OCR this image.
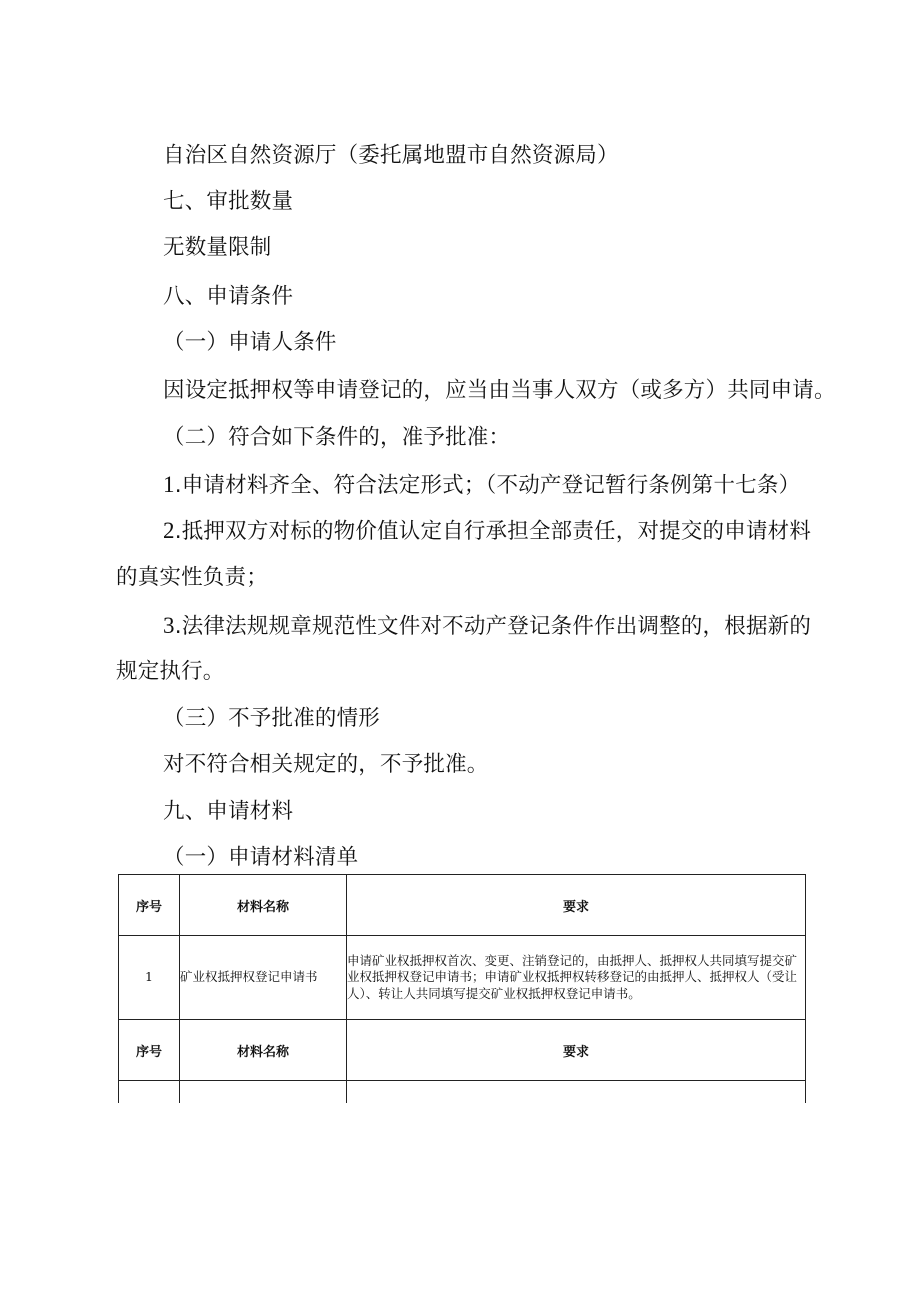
自治区自然资源厅（委托属地盟市自然资源局）
七、审批数量
无数量限制
八、申请条件
（一）申请人条件
因设定抵押权等申请登记的，应当由当事人双方（或多方）共同申请。
（二）符合如下条件的，准予批准：
1.申请材料齐全、符合法定形式；（不动产登记暂行条例第十七条）
2.抵押双方对标的物价值认定自行承担全部责任，对提交的申请材料
的真实性负责；
3.法律法规规章规范性文件对不动产登记条件作出调整的，根据新的
规定执行。
（三）不予批准的情形
对不符合相关规定的，不予批准。
九、申请材料
（一）申请材料清单
序号	材料名称	要求
1	矿业权抵押权登记申请书	申请矿业权抵押权首次、变更、注销登记的，由抵押人、抵押权人共同填写提交矿业权抵押权登记申请书；申请矿业权抵押权转移登记的由抵押人、抵押权人（受让人）、转让人共同填写提交矿业权抵押权登记申请书。
序号	材料名称	要求
